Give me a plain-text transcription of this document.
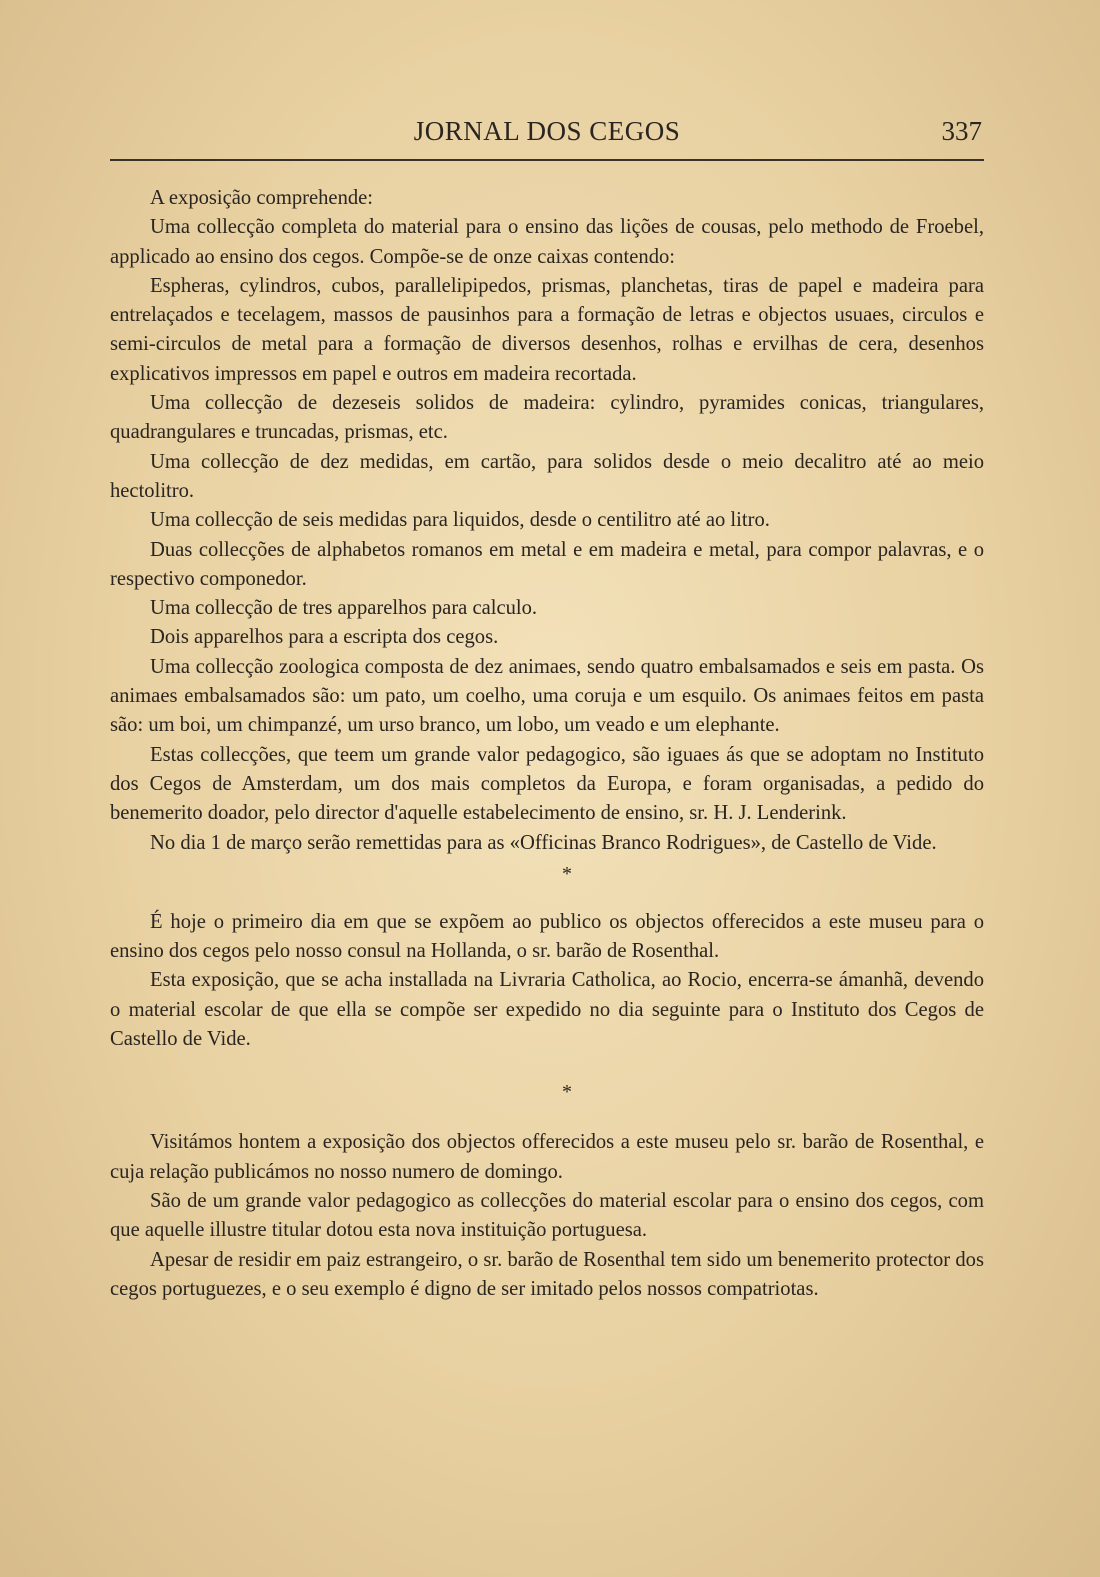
JORNAL DOS CEGOS	337

A exposição comprehende:

Uma collecção completa do material para o ensino das lições de cousas, pelo methodo de Froebel, applicado ao ensino dos cegos. Compõe-se de onze caixas contendo:

Espheras, cylindros, cubos, parallelipipedos, prismas, planchetas, tiras de papel e madeira para entrelaçados e tecelagem, massos de pausinhos para a formação de letras e objectos usuaes, circulos e semi-circulos de metal para a formação de diversos desenhos, rolhas e ervilhas de cera, desenhos explicativos impressos em papel e outros em madeira recortada.

Uma collecção de dezeseis solidos de madeira: cylindro, pyramides conicas, triangulares, quadrangulares e truncadas, prismas, etc.

Uma collecção de dez medidas, em cartão, para solidos desde o meio decalitro até ao meio hectolitro.

Uma collecção de seis medidas para liquidos, desde o centilitro até ao litro.

Duas collecções de alphabetos romanos em metal e em madeira e metal, para compor palavras, e o respectivo componedor.

Uma collecção de tres apparelhos para calculo.

Dois apparelhos para a escripta dos cegos.

Uma collecção zoologica composta de dez animaes, sendo quatro embalsamados e seis em pasta. Os animaes embalsamados são: um pato, um coelho, uma coruja e um esquilo. Os animaes feitos em pasta são: um boi, um chimpanzé, um urso branco, um lobo, um veado e um elephante.

Estas collecções, que teem um grande valor pedagogico, são iguaes ás que se adoptam no Instituto dos Cegos de Amsterdam, um dos mais completos da Europa, e foram organisadas, a pedido do benemerito doador, pelo director d'aquelle estabelecimento de ensino, sr. H. J. Lenderink.

No dia 1 de março serão remettidas para as «Officinas Branco Rodrigues», de Castello de Vide.

*

É hoje o primeiro dia em que se expõem ao publico os objectos offerecidos a este museu para o ensino dos cegos pelo nosso consul na Hollanda, o sr. barão de Rosenthal.

Esta exposição, que se acha installada na Livraria Catholica, ao Rocio, encerra-se ámanhã, devendo o material escolar de que ella se compõe ser expedido no dia seguinte para o Instituto dos Cegos de Castello de Vide.

*

Visitámos hontem a exposição dos objectos offerecidos a este museu pelo sr. barão de Rosenthal, e cuja relação publicámos no nosso numero de domingo.

São de um grande valor pedagogico as collecções do material escolar para o ensino dos cegos, com que aquelle illustre titular dotou esta nova instituição portuguesa.

Apesar de residir em paiz estrangeiro, o sr. barão de Rosenthal tem sido um benemerito protector dos cegos portuguezes, e o seu exemplo é digno de ser imitado pelos nossos compatriotas.
